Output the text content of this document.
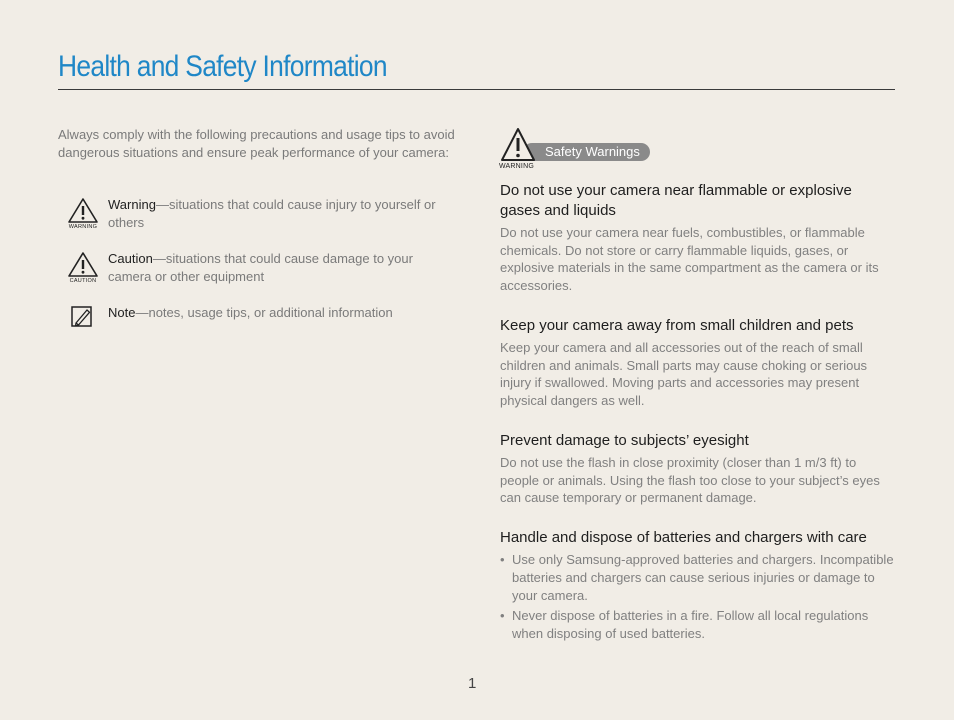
Health and Safety Information
Always comply with the following precautions and usage tips to avoid dangerous situations and ensure peak performance of your camera:
WARNING
Warning—situations that could cause injury to yourself or others
CAUTION
Caution—situations that could cause damage to your camera or other equipment
Note—notes, usage tips, or additional information
Safety Warnings
WARNING
Do not use your camera near flammable or explosive gases and liquids

Do not use your camera near fuels, combustibles, or flammable chemicals. Do not store or carry flammable liquids, gases, or explosive materials in the same compartment as the camera or its accessories.

Keep your camera away from small children and pets

Keep your camera and all accessories out of the reach of small children and animals. Small parts may cause choking or serious injury if swallowed. Moving parts and accessories may present physical dangers as well.

Prevent damage to subjects’ eyesight

Do not use the flash in close proximity (closer than 1 m/3 ft) to people or animals. Using the flash too close to your subject’s eyes can cause temporary or permanent damage.

Handle and dispose of batteries and chargers with care
• Use only Samsung-approved batteries and chargers. Incompatible batteries and chargers can cause serious injuries or damage to your camera.
• Never dispose of batteries in a fire. Follow all local regulations when disposing of used batteries.
1
